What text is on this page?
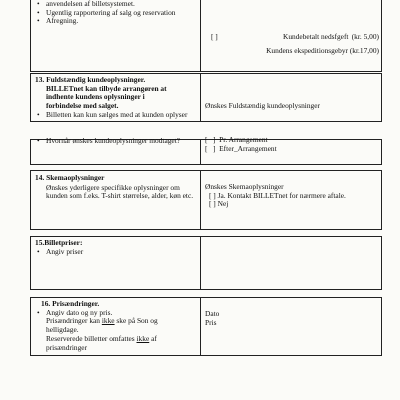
• anvendelsen af billetsystemet.
• Ugentlig rapportering af salg og reservation
• Afregning.
[ ]	Kundebetalt nedsfgeft (kr. 5,00)
Kundens ekspeditionsgebyr (kr.17,00)
13. Fuldstændig kundeoplysninger.
BILLETnet kan tilbyde arrangøren at
indhente kundens oplysninger i
forbindelse med salget.
• Billetten kan kun sælges med at kunden oplyser
Ønskes Fuldstændig kundeoplysninger
• Hvornår ønskes kundeoplysninger modtaget?	[   ]  Pr. Arrangement
[   ]  Efter_Arrangement
14. Skemaoplysninger
Ønskes yderligere specifikke oplysninger om kunden som f.eks. T-shirt størrelse, alder, køn etc.
Ønskes Skemaoplysninger
[ ] Ja. Kontakt BILLETnet for nærmere aftale.
[ ] Nej
15.Billetpriser:
• Angiv priser
16. Prisændringer.
• Angiv dato og ny pris.
Prisændringer kan ikke ske på Son og
helligdage.
Reserverede billetter omfattes ikke af
prisændringer
Dato
Pris
